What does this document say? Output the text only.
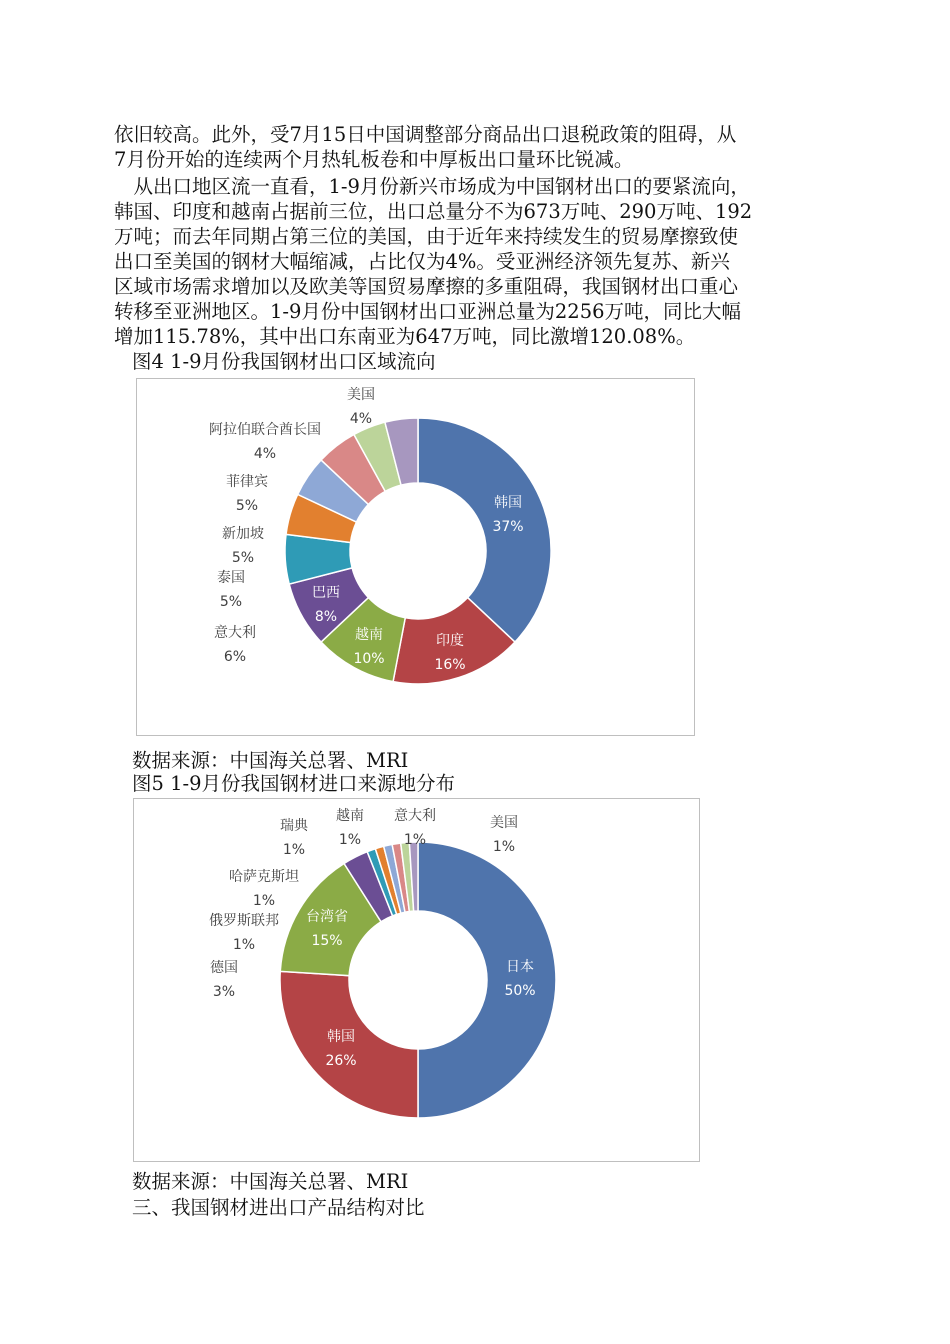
依旧较高。此外，受7月15日中国调整部分商品出口退税政策的阻碍，从
7月份开始的连续两个月热轧板卷和中厚板出口量环比锐减。
　从出口地区流一直看，1-9月份新兴市场成为中国钢材出口的要紧流向，
韩国、印度和越南占据前三位，出口总量分不为673万吨、290万吨、192
万吨；而去年同期占第三位的美国，由于近年来持续发生的贸易摩擦致使
出口至美国的钢材大幅缩减，占比仅为4%。受亚洲经济领先复苏、新兴
区域市场需求增加以及欧美等国贸易摩擦的多重阻碍，我国钢材出口重心
转移至亚洲地区。1-9月份中国钢材出口亚洲总量为2256万吨，同比大幅
增加115.78%，其中出口东南亚为647万吨，同比激增120.08%。
图4 1-9月份我国钢材出口区域流向
韩国
37%
印度
16%
越南
10%
巴西
8%
意大利
6%
泰国
5%
新加坡
5%
菲律宾
5%
阿拉伯联合酋长国
4%
美国
4%
数据来源：中国海关总署、MRI
图5 1-9月份我国钢材进口来源地分布
日本
50%
韩国
26%
台湾省
15%
德国
3%
俄罗斯联邦
1%
哈萨克斯坦
1%
瑞典
1%
越南
1%
意大利
1%
美国
1%
数据来源：中国海关总署、MRI
三、我国钢材进出口产品结构对比
